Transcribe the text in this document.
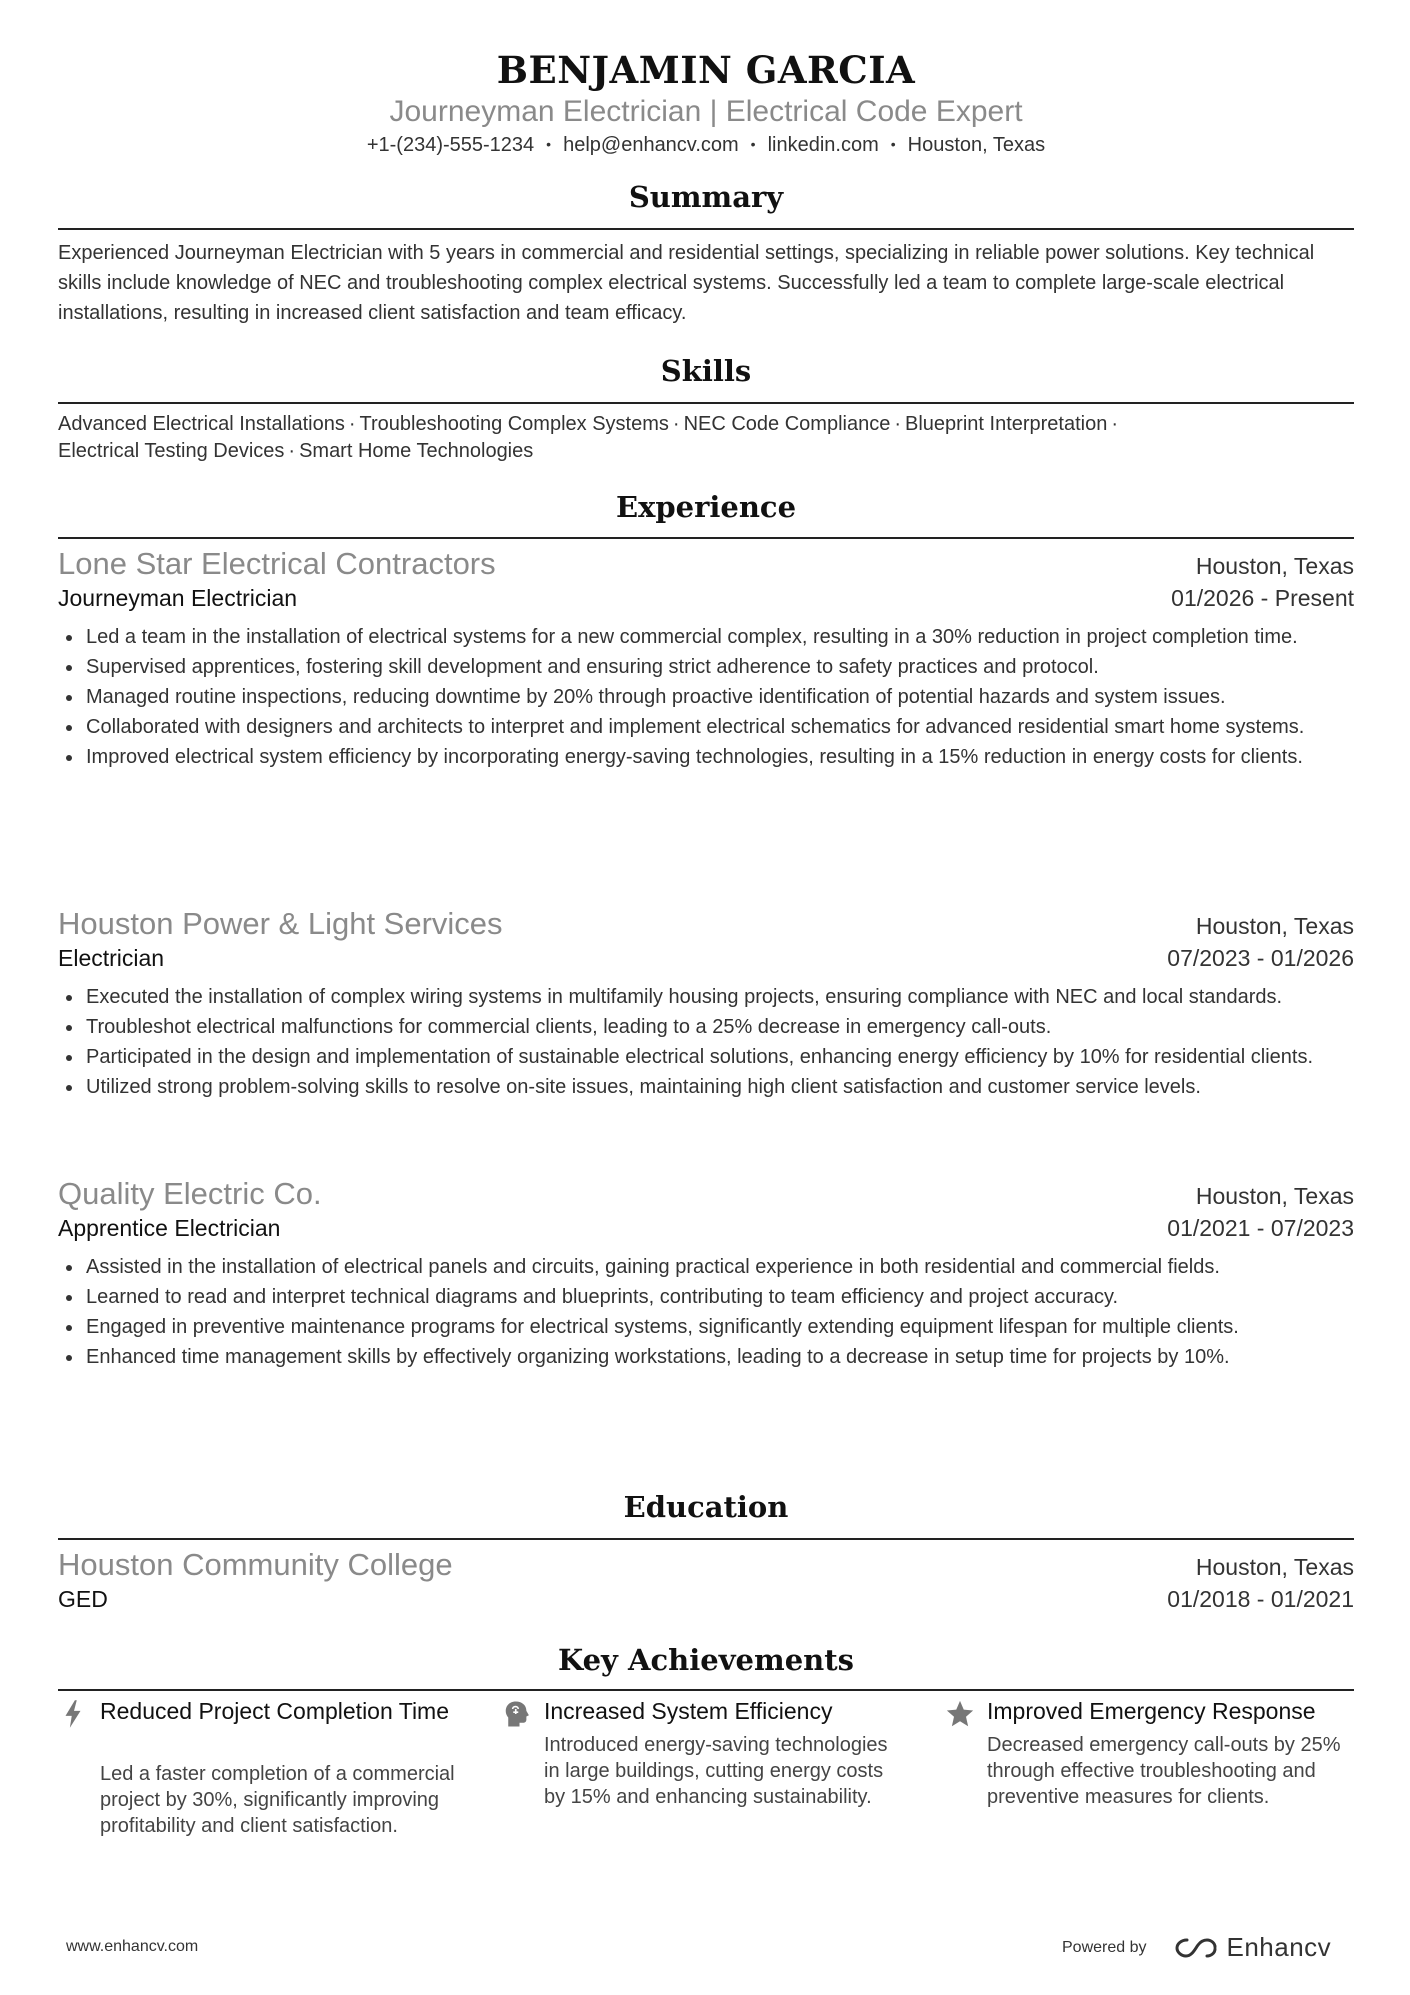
BENJAMIN GARCIA
Journeyman Electrician | Electrical Code Expert
+1-(234)-555-1234 • help@enhancv.com • linkedin.com • Houston, Texas
Summary
Experienced Journeyman Electrician with 5 years in commercial and residential settings, specializing in reliable power solutions. Key technical skills include knowledge of NEC and troubleshooting complex electrical systems. Successfully led a team to complete large-scale electrical installations, resulting in increased client satisfaction and team efficacy.
Skills
Advanced Electrical Installations · Troubleshooting Complex Systems · NEC Code Compliance · Blueprint Interpretation ·
Electrical Testing Devices · Smart Home Technologies
Experience
Lone Star Electrical Contractors	Houston, Texas
Journeyman Electrician	01/2026 - Present
Led a team in the installation of electrical systems for a new commercial complex, resulting in a 30% reduction in project completion time.
Supervised apprentices, fostering skill development and ensuring strict adherence to safety practices and protocol.
Managed routine inspections, reducing downtime by 20% through proactive identification of potential hazards and system issues.
Collaborated with designers and architects to interpret and implement electrical schematics for advanced residential smart home systems.
Improved electrical system efficiency by incorporating energy-saving technologies, resulting in a 15% reduction in energy costs for clients.
Houston Power & Light Services	Houston, Texas
Electrician	07/2023 - 01/2026
Executed the installation of complex wiring systems in multifamily housing projects, ensuring compliance with NEC and local standards.
Troubleshot electrical malfunctions for commercial clients, leading to a 25% decrease in emergency call-outs.
Participated in the design and implementation of sustainable electrical solutions, enhancing energy efficiency by 10% for residential clients.
Utilized strong problem-solving skills to resolve on-site issues, maintaining high client satisfaction and customer service levels.
Quality Electric Co.	Houston, Texas
Apprentice Electrician	01/2021 - 07/2023
Assisted in the installation of electrical panels and circuits, gaining practical experience in both residential and commercial fields.
Learned to read and interpret technical diagrams and blueprints, contributing to team efficiency and project accuracy.
Engaged in preventive maintenance programs for electrical systems, significantly extending equipment lifespan for multiple clients.
Enhanced time management skills by effectively organizing workstations, leading to a decrease in setup time for projects by 10%.
Education
Houston Community College	Houston, Texas
GED	01/2018 - 01/2021
Key Achievements
Reduced Project Completion Time
Led a faster completion of a commercial project by 30%, significantly improving profitability and client satisfaction.
Increased System Efficiency
Introduced energy-saving technologies in large buildings, cutting energy costs by 15% and enhancing sustainability.
Improved Emergency Response
Decreased emergency call-outs by 25% through effective troubleshooting and preventive measures for clients.
www.enhancv.com	Powered by	Enhancv
